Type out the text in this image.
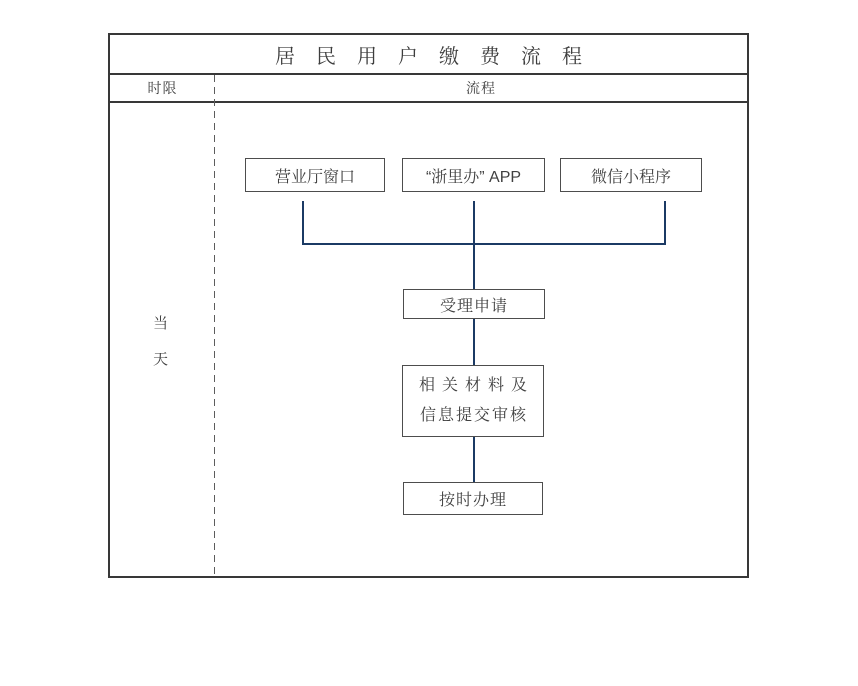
居民用户缴费流程
时限	流程
当
天
营业厅窗口	“浙里办” APP	微信小程序
受理申请
相关材料及
信息提交审核
按时办理
